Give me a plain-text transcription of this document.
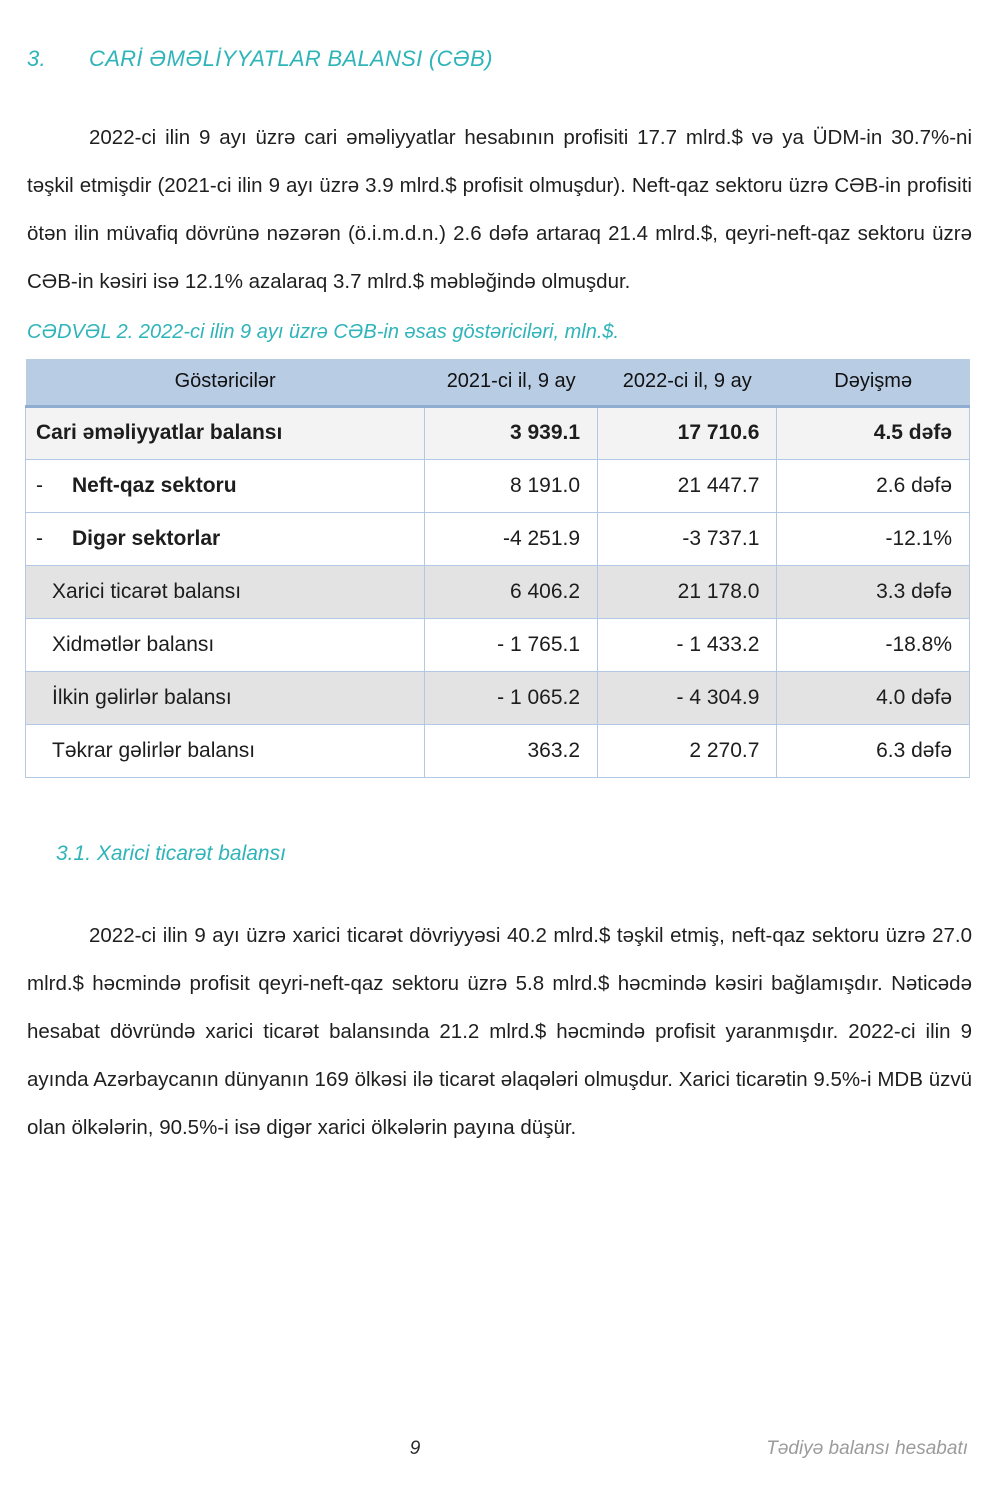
3.	CARİ ƏMƏLİYYATLAR BALANSI (CƏB)

2022-ci ilin 9 ayı üzrə cari əməliyyatlar hesabının profisiti 17.7 mlrd.$ və ya ÜDM-in 30.7%-ni təşkil etmişdir (2021-ci ilin 9 ayı üzrə 3.9 mlrd.$ profisit olmuşdur). Neft-qaz sektoru üzrə CƏB-in profisiti ötən ilin müvafiq dövrünə nəzərən (ö.i.m.d.n.) 2.6 dəfə artaraq 21.4 mlrd.$, qeyri-neft-qaz sektoru üzrə CƏB-in kəsiri isə 12.1% azalaraq 3.7 mlrd.$ məbləğində olmuşdur.

CƏDVƏL 2. 2022-ci ilin 9 ayı üzrə CƏB-in əsas göstəriciləri, mln.$.
Göstəricilər	2021-ci il, 9 ay	2022-ci il, 9 ay	Dəyişmə
Cari əməliyyatlar balansı	3 939.1	17 710.6	4.5 dəfə
- Neft-qaz sektoru	8 191.0	21 447.7	2.6 dəfə
- Digər sektorlar	-4 251.9	-3 737.1	-12.1%
Xarici ticarət balansı	6 406.2	21 178.0	3.3 dəfə
Xidmətlər balansı	- 1 765.1	- 1 433.2	-18.8%
İlkin gəlirlər balansı	- 1 065.2	- 4 304.9	4.0 dəfə
Təkrar gəlirlər balansı	363.2	2 270.7	6.3 dəfə
3.1. Xarici ticarət balansı

2022-ci ilin 9 ayı üzrə xarici ticarət dövriyyəsi 40.2 mlrd.$ təşkil etmiş, neft-qaz sektoru üzrə 27.0 mlrd.$ həcmində profisit qeyri-neft-qaz sektoru üzrə 5.8 mlrd.$ həcmində kəsiri bağlamışdır. Nəticədə hesabat dövründə xarici ticarət balansında 21.2 mlrd.$ həcmində profisit yaranmışdır. 2022-ci ilin 9 ayında Azərbaycanın dünyanın 169 ölkəsi ilə ticarət əlaqələri olmuşdur. Xarici ticarətin 9.5%-i MDB üzvü olan ölkələrin, 90.5%-i isə digər xarici ölkələrin payına düşür.

9	Tədiyə balansı hesabatı
